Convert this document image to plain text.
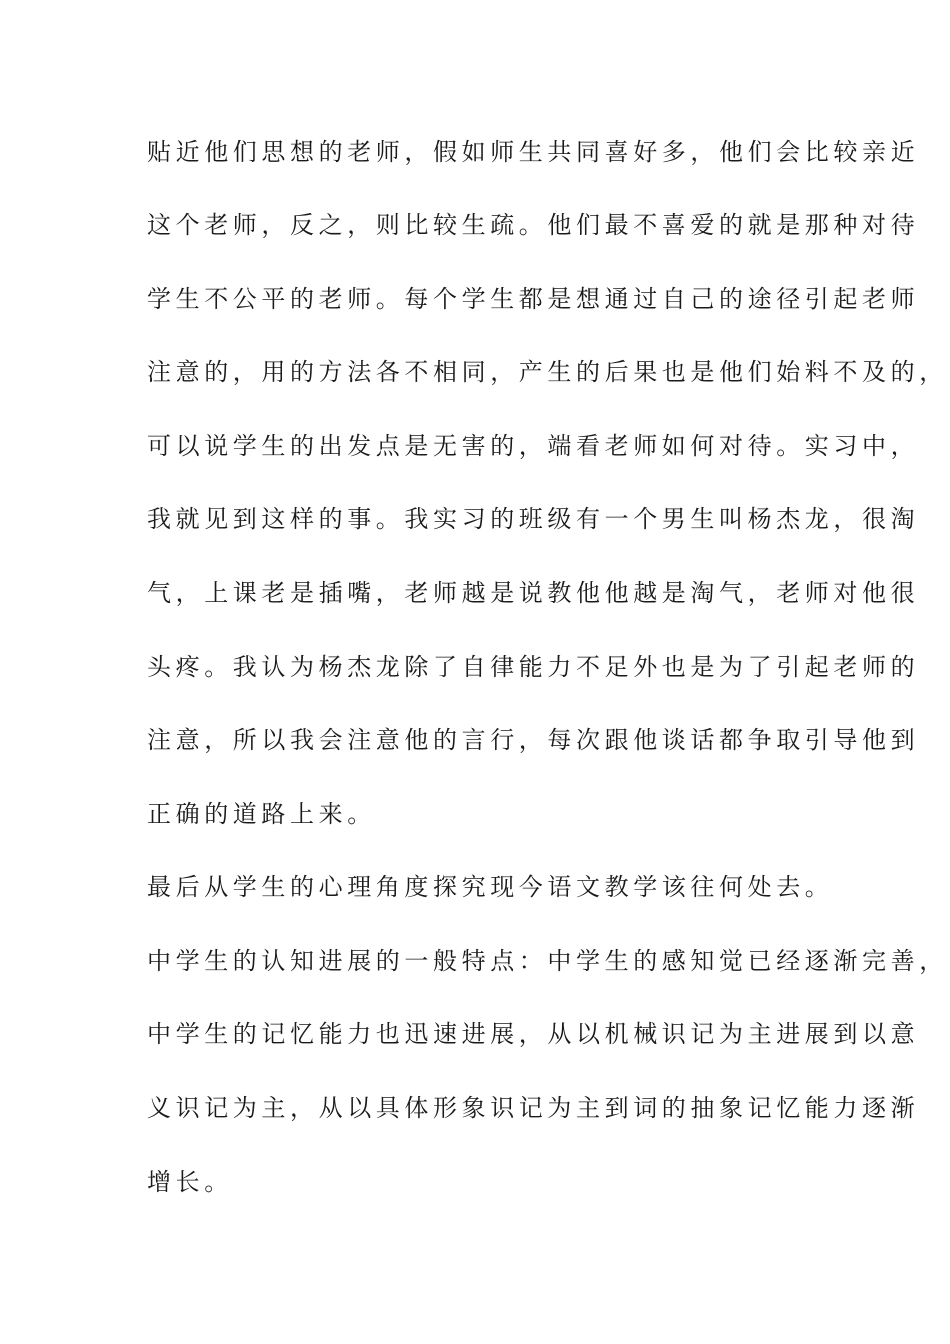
贴近他们思想的老师，假如师生共同喜好多，他们会比较亲近
这个老师，反之，则比较生疏。他们最不喜爱的就是那种对待
学生不公平的老师。每个学生都是想通过自己的途径引起老师
注意的，用的方法各不相同，产生的后果也是他们始料不及的，
可以说学生的出发点是无害的，端看老师如何对待。实习中，
我就见到这样的事。我实习的班级有一个男生叫杨杰龙，很淘
气，上课老是插嘴，老师越是说教他他越是淘气，老师对他很
头疼。我认为杨杰龙除了自律能力不足外也是为了引起老师的
注意，所以我会注意他的言行，每次跟他谈话都争取引导他到
正确的道路上来。
最后从学生的心理角度探究现今语文教学该往何处去。
中学生的认知进展的一般特点：中学生的感知觉已经逐渐完善，
中学生的记忆能力也迅速进展，从以机械识记为主进展到以意
义识记为主，从以具体形象识记为主到词的抽象记忆能力逐渐
增长。
